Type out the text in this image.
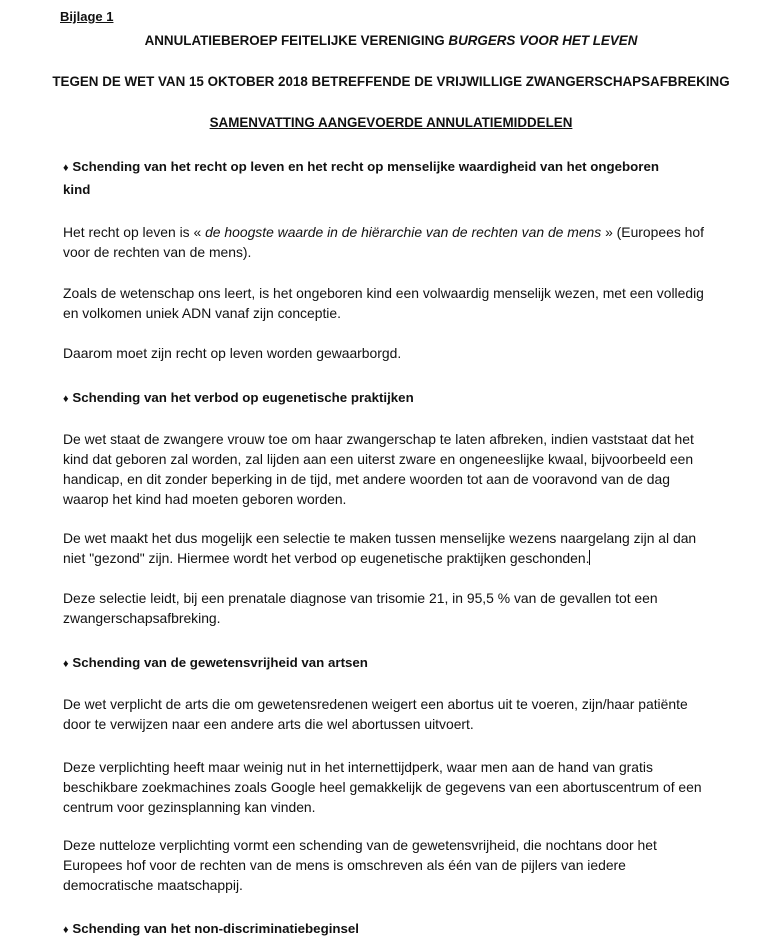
Bijlage 1
ANNULATIEBEROEP FEITELIJKE VERENIGING BURGERS VOOR HET LEVEN
TEGEN DE WET VAN 15 OKTOBER 2018 BETREFFENDE DE VRIJWILLIGE ZWANGERSCHAPSAFBREKING
SAMENVATTING AANGEVOERDE ANNULATIEMIDDELEN
♦ Schending van het recht op leven en het recht op menselijke waardigheid van het ongeboren
kind
Het recht op leven is « de hoogste waarde in de hiërarchie van de rechten van de mens » (Europees hof voor de rechten van de mens).
Zoals de wetenschap ons leert, is het ongeboren kind een volwaardig menselijk wezen, met een volledig en volkomen uniek ADN vanaf zijn conceptie.
Daarom moet zijn recht op leven worden gewaarborgd.
♦ Schending van het verbod op eugenetische praktijken
De wet staat de zwangere vrouw toe om haar zwangerschap te laten afbreken, indien vaststaat dat het kind dat geboren zal worden, zal lijden aan een uiterst zware en ongeneeslijke kwaal, bijvoorbeeld een handicap, en dit zonder beperking in de tijd, met andere woorden tot aan de vooravond van de dag waarop het kind had moeten geboren worden.
De wet maakt het dus mogelijk een selectie te maken tussen menselijke wezens naargelang zijn al dan niet "gezond" zijn. Hiermee wordt het verbod op eugenetische praktijken geschonden.
Deze selectie leidt, bij een prenatale diagnose van trisomie 21, in 95,5 % van de gevallen tot een zwangerschapsafbreking.
♦ Schending van de gewetensvrijheid van artsen
De wet verplicht de arts die om gewetensredenen weigert een abortus uit te voeren, zijn/haar patiënte door te verwijzen naar een andere arts die wel abortussen uitvoert.
Deze verplichting heeft maar weinig nut in het internettijdperk, waar men aan de hand van gratis beschikbare zoekmachines zoals Google heel gemakkelijk de gegevens van een abortuscentrum of een centrum voor gezinsplanning kan vinden.
Deze nutteloze verplichting vormt een schending van de gewetensvrijheid, die nochtans door het Europees hof voor de rechten van de mens is omschreven als één van de pijlers van iedere democratische maatschappij.
♦ Schending van het non-discriminatiebeginsel
